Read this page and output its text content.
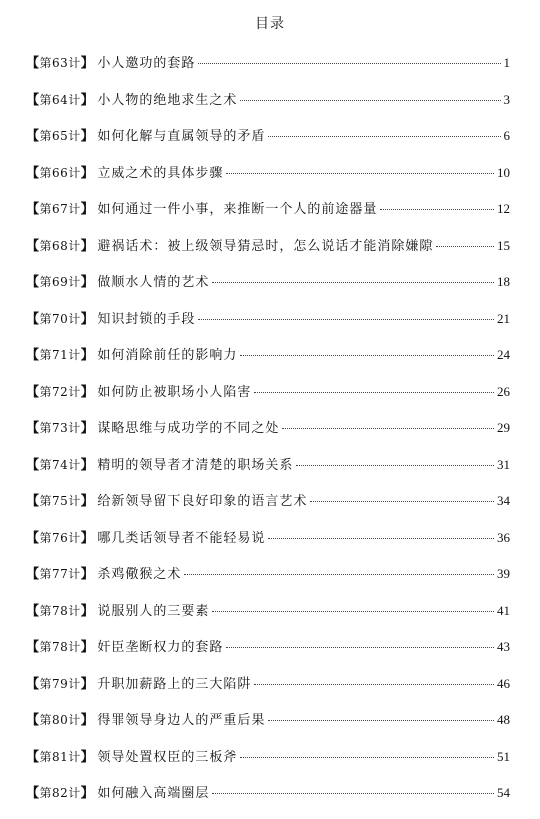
目录
【第63计】 小人邀功的套路	1
【第64计】 小人物的绝地求生之术	3
【第65计】 如何化解与直属领导的矛盾	6
【第66计】 立威之术的具体步骤	10
【第67计】 如何通过一件小事，来推断一个人的前途器量	12
【第68计】 避祸话术：被上级领导猜忌时，怎么说话才能消除嫌隙	15
【第69计】 做顺水人情的艺术	18
【第70计】 知识封锁的手段	21
【第71计】 如何消除前任的影响力	24
【第72计】 如何防止被职场小人陷害	26
【第73计】 谋略思维与成功学的不同之处	29
【第74计】 精明的领导者才清楚的职场关系	31
【第75计】 给新领导留下良好印象的语言艺术	34
【第76计】 哪几类话领导者不能轻易说	36
【第77计】 杀鸡儆猴之术	39
【第78计】 说服别人的三要素	41
【第78计】 奸臣垄断权力的套路	43
【第79计】 升职加薪路上的三大陷阱	46
【第80计】 得罪领导身边人的严重后果	48
【第81计】 领导处置权臣的三板斧	51
【第82计】 如何融入高端圈层	54
